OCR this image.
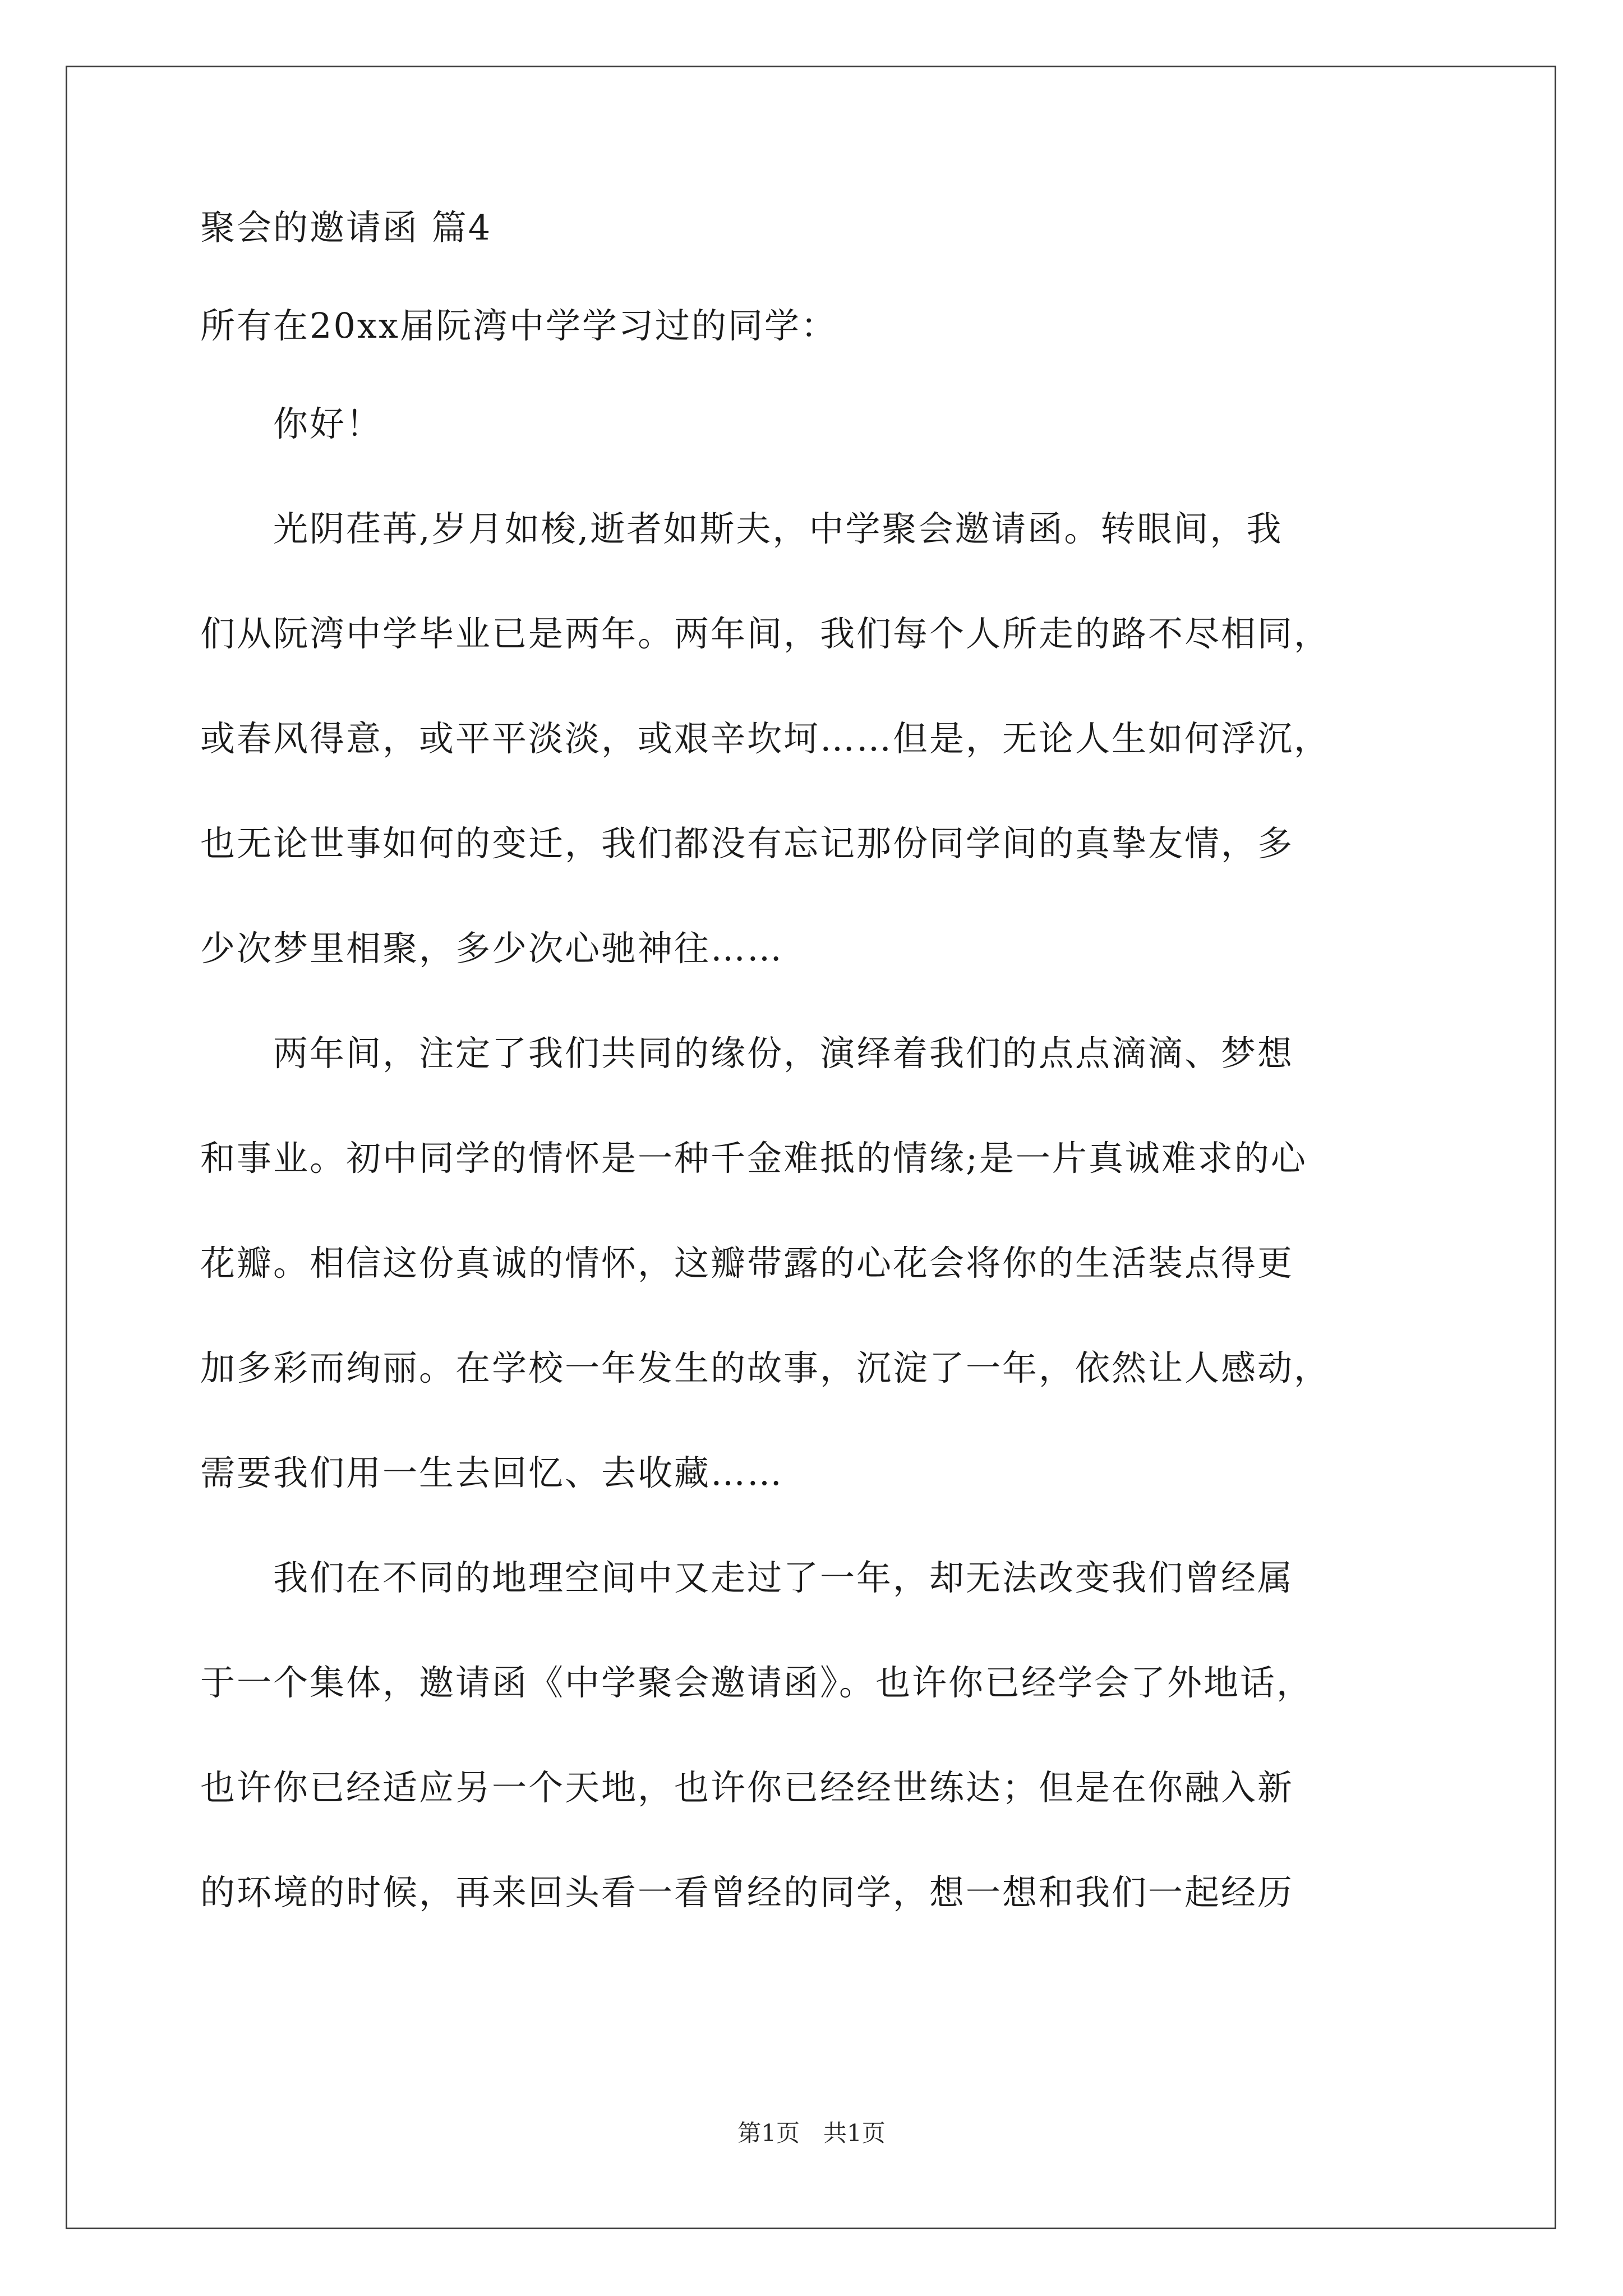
聚会的邀请函 篇4
所有在20xx届阮湾中学学习过的同学：
　　你好！
　　光阴荏苒,岁月如梭,逝者如斯夫，中学聚会邀请函。转眼间，我
们从阮湾中学毕业已是两年。两年间，我们每个人所走的路不尽相同，
或春风得意，或平平淡淡，或艰辛坎坷……但是，无论人生如何浮沉，
也无论世事如何的变迁，我们都没有忘记那份同学间的真挚友情，多
少次梦里相聚，多少次心驰神往……
　　两年间，注定了我们共同的缘份，演绎着我们的点点滴滴、梦想
和事业。初中同学的情怀是一种千金难抵的情缘;是一片真诚难求的心
花瓣。相信这份真诚的情怀，这瓣带露的心花会将你的生活装点得更
加多彩而绚丽。在学校一年发生的故事，沉淀了一年，依然让人感动，
需要我们用一生去回忆、去收藏……
　　我们在不同的地理空间中又走过了一年，却无法改变我们曾经属
于一个集体，邀请函《中学聚会邀请函》。也许你已经学会了外地话，
也许你已经适应另一个天地，也许你已经经世练达；但是在你融入新
的环境的时候，再来回头看一看曾经的同学，想一想和我们一起经历
第1页　共1页
